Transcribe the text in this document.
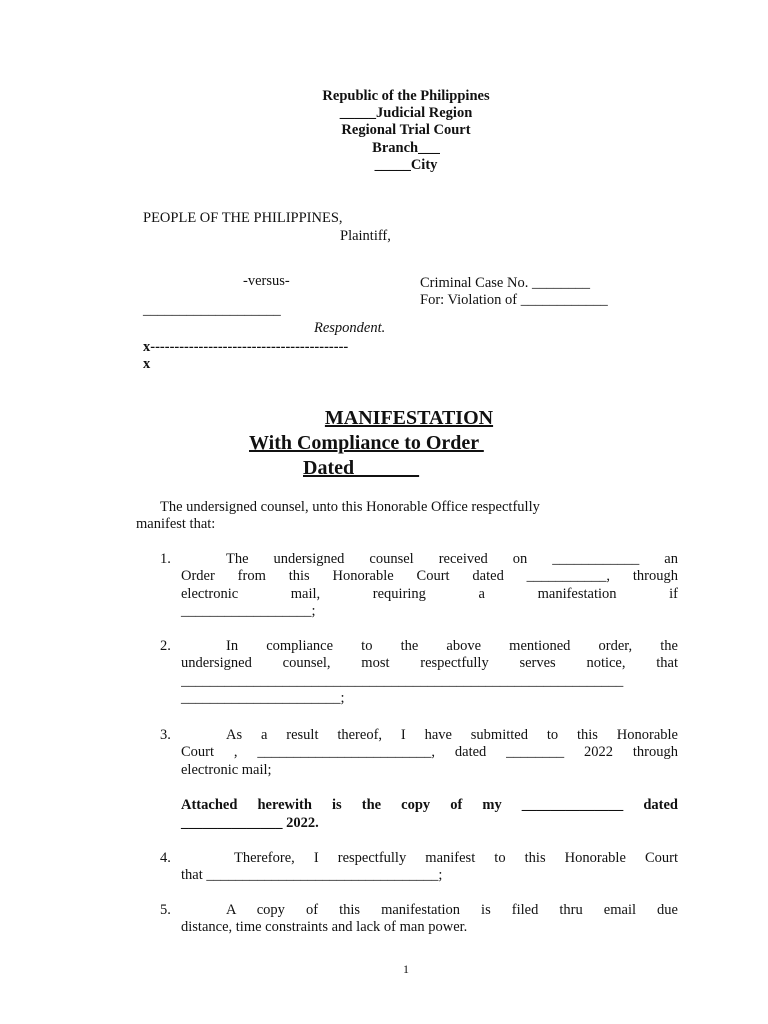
Republic of the Philippines
_____Judicial Region
Regional Trial Court
Branch___
_____City
PEOPLE OF THE PHILIPPINES,
Plaintiff,
-versus-	Criminal Case No. ________
For: Violation of ____________
___________________
Respondent.
x-----------------------------------------
x
MANIFESTATION
With Compliance to Order
Dated
The undersigned counsel, unto this Honorable Office respectfully
manifest that:
1.	The undersigned counsel received on ____________ an
Order from this Honorable Court dated ___________, through
electronic mail, requiring a manifestation if
__________________;
2.	In compliance to the above mentioned order, the
undersigned counsel, most respectfully serves notice, that
_____________________________________________________________
______________________;
3.	As a result thereof, I have submitted to this Honorable
Court , ________________________, dated ________ 2022 through
electronic mail;
Attached herewith is the copy of my ______________ dated
______________ 2022.
4.	Therefore, I respectfully manifest to this Honorable Court
that ________________________________;
5.	A copy of this manifestation is filed thru email due
distance, time constraints and lack of man power.
1
